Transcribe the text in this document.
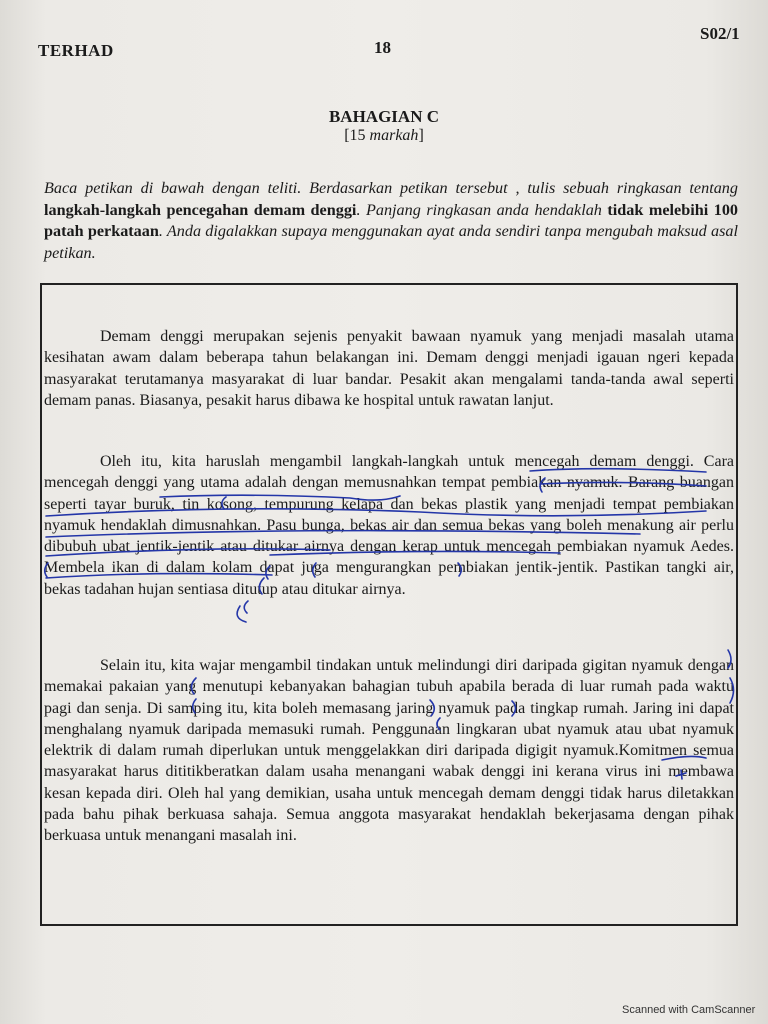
TERHAD	18
S02/1
BAHAGIAN C
[15 markah]
Baca petikan di bawah dengan teliti. Berdasarkan petikan tersebut , tulis sebuah ringkasan tentang langkah-langkah pencegahan demam denggi. Panjang ringkasan anda hendaklah tidak melebihi 100 patah perkataan. Anda digalakkan supaya menggunakan ayat anda sendiri tanpa mengubah maksud asal petikan.
Demam denggi merupakan sejenis penyakit bawaan nyamuk yang menjadi masalah utama kesihatan awam dalam beberapa tahun belakangan ini. Demam denggi menjadi igauan ngeri kepada masyarakat terutamanya masyarakat di luar bandar. Pesakit akan mengalami tanda-tanda awal seperti demam panas. Biasanya, pesakit harus dibawa ke hospital untuk rawatan lanjut.
Oleh itu, kita haruslah mengambil langkah-langkah untuk mencegah demam denggi. Cara mencegah denggi yang utama adalah dengan memusnahkan tempat pembiakan nyamuk. Barang buangan seperti tayar buruk, tin kosong, tempurung kelapa dan bekas plastik yang menjadi tempat pembiakan nyamuk hendaklah dimusnahkan. Pasu bunga, bekas air dan semua bekas yang boleh menakung air perlu dibubuh ubat jentik-jentik atau ditukar airnya dengan kerap untuk mencegah pembiakan nyamuk Aedes. Membela ikan di dalam kolam dapat juga mengurangkan pembiakan jentik-jentik. Pastikan tangki air, bekas tadahan hujan sentiasa ditutup atau ditukar airnya.
Selain itu, kita wajar mengambil tindakan untuk melindungi diri daripada gigitan nyamuk dengan memakai pakaian yang menutupi kebanyakan bahagian tubuh apabila berada di luar rumah pada waktu pagi dan senja. Di samping itu, kita boleh memasang jaring nyamuk pada tingkap rumah. Jaring ini dapat menghalang nyamuk daripada memasuki rumah. Penggunaan lingkaran ubat nyamuk atau ubat nyamuk elektrik di dalam rumah diperlukan untuk menggelakkan diri daripada digigit nyamuk.Komitmen semua masyarakat harus dititikberatkan dalam usaha menangani wabak denggi ini kerana virus ini membawa kesan kepada diri. Oleh hal yang demikian, usaha untuk mencegah demam denggi tidak harus diletakkan pada bahu pihak berkuasa sahaja. Semua anggota masyarakat hendaklah bekerjasama dengan pihak berkuasa untuk menangani masalah ini.
Scanned with CamScanner
